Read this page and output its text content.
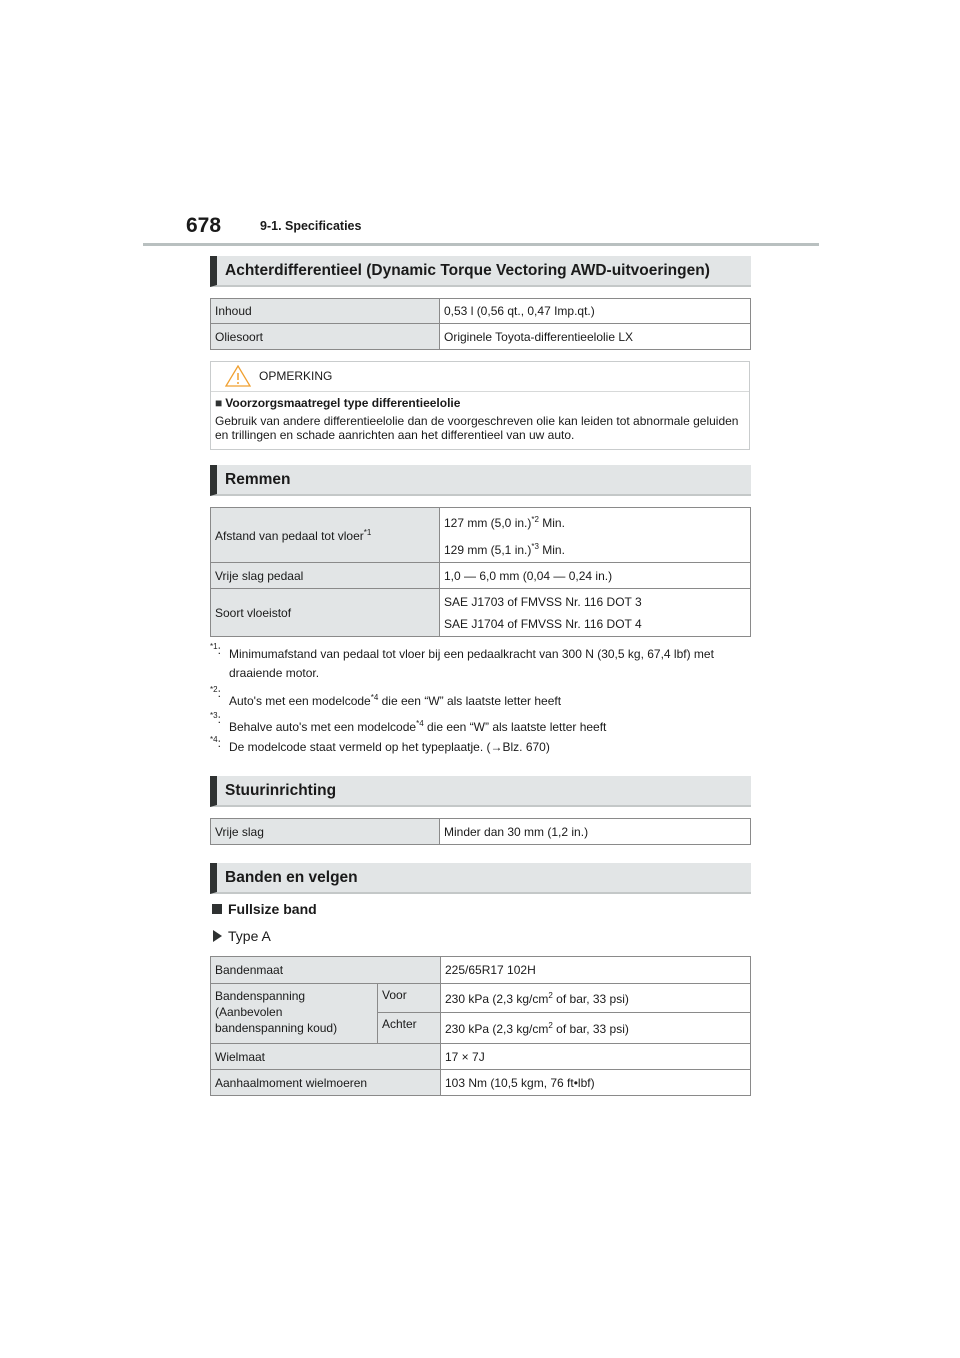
678	9-1. Specificaties
Achterdifferentieel (Dynamic Torque Vectoring AWD-uitvoeringen)
Inhoud	0,53 l (0,56 qt., 0,47 Imp.qt.)
Oliesoort	Originele Toyota-differentieelolie LX
OPMERKING
■ Voorzorgsmaatregel type differentieelolie
Gebruik van andere differentieelolie dan de voorgeschreven olie kan leiden tot abnormale geluiden en trillingen en schade aanrichten aan het differentieel van uw auto.
Remmen
Afstand van pedaal tot vloer$^{*1}$	127 mm (5,0 in.)$^{*2}$ Min.

129 mm (5,1 in.)$^{*3}$ Min.

Vrije slag pedaal	1,0 — 6,0 mm (0,04 — 0,24 in.)
Soort vloeistof	SAE J1703 of FMVSS Nr. 116 DOT 3

SAE J1704 of FMVSS Nr. 116 DOT 4

$^{*1}$: Minimumafstand van pedaal tot vloer bij een pedaalkracht van 300 N (30,5 kg, 67,4 lbf) met draaiende motor.
$^{*2}$:
Auto's met een modelcode$^{*4}$ die een “W” als laatste letter heeft
$^{*3}$:
Behalve auto's met een modelcode$^{*4}$ die een “W” als laatste letter heeft
$^{*4}$: De modelcode staat vermeld op het typeplaatje. (→Blz. 670)
Stuurinrichting
Vrije slag	Minder dan 30 mm (1,2 in.)
Banden en velgen
Fullsize band
Type A
Bandenmaat		225/65R17 102H

Bandenspanning

(Aanbevolen

bandenspanning koud)	Voor	230 kPa (2,3 $kg/cm^2$ of bar, 33 psi)
	Achter	230 kPa (2,3 $kg/cm^2$ of bar, 33 psi)
Wielmaat		17 × 7J
Aanhaalmoment wielmoeren		103 Nm (10,5 kgm, 76 ft•lbf)
